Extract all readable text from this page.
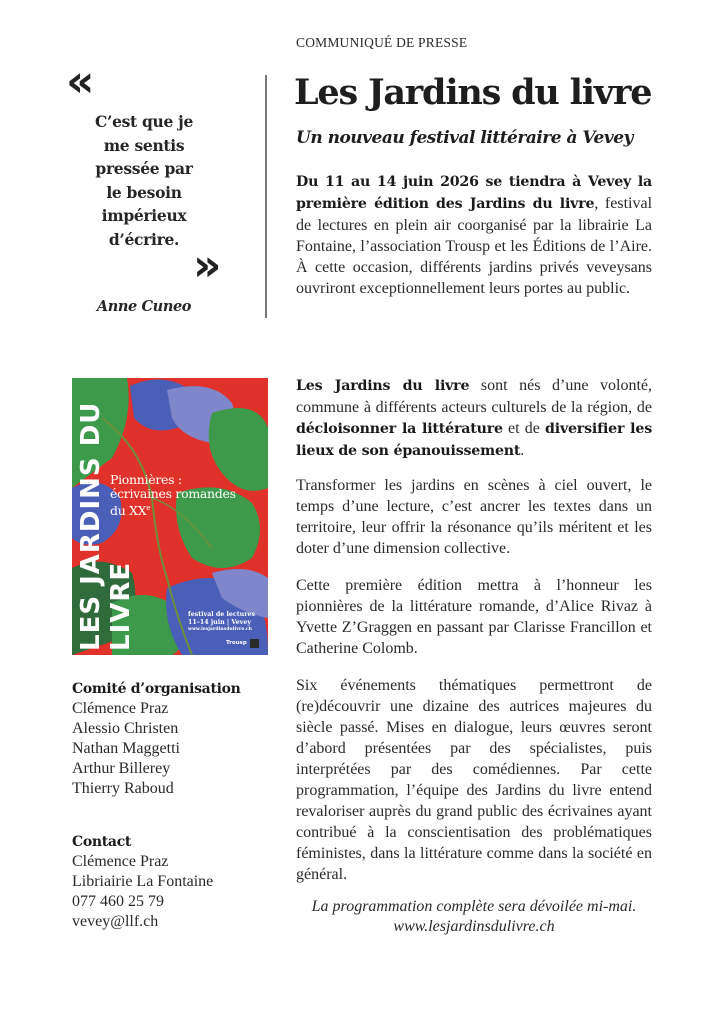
COMMUNIQUÉ DE PRESSE
Les Jardins du livre
Un nouveau festival littéraire à Vevey
«
C’est que je
me sentis
pressée par
le besoin
impérieux
d’écrire.
»
Anne Cuneo
Du 11 au 14 juin 2026 se tiendra à Vevey la première édition des Jardins du livre, festival de lectures en plein air coorganisé par la librairie La Fontaine, l’association Trousp et les Éditions de l’Aire. À cette occasion, différents jardins privés veveysans ouvriront exceptionnellement leurs portes au public.
Les Jardins du livre sont nés d’une volonté, commune à différents acteurs culturels de la région, de décloisonner la littérature et de diversifier les lieux de son épanouissement.
Transformer les jardins en scènes à ciel ouvert, le temps d’une lecture, c’est ancrer les textes dans un territoire, leur offrir la résonance qu’ils méritent et les doter d’une dimension collective.
Cette première édition mettra à l’honneur les pionnières de la littérature romande, d’Alice Rivaz à Yvette Z’Graggen en passant par Clarisse Francillon et Catherine Colomb.
Six événements thématiques permettront de (re)découvrir une dizaine des autrices majeures du siècle passé. Mises en dialogue, leurs œuvres seront d’abord présentées par des spécialistes, puis interprétées par des comédiennes. Par cette programmation, l’équipe des Jardins du livre entend revaloriser auprès du grand public des écrivaines ayant contribué à la conscientisation des problématiques féministes, dans la littérature comme dans la société en général.
La programmation complète sera dévoilée mi-mai.
www.lesjardinsdulivre.ch
LES JARDINS DU LIVRE
Pionnières :
écrivaines romandes
du XXe
festival de lectures
11–14 juin | Vevey
www.lesjardinsdulivre.ch
Trousp
Comité d’organisation
Clémence Praz
Alessio Christen
Nathan Maggetti
Arthur Billerey
Thierry Raboud
Contact
Clémence Praz
Libriairie La Fontaine
077 460 25 79
vevey@llf.ch
